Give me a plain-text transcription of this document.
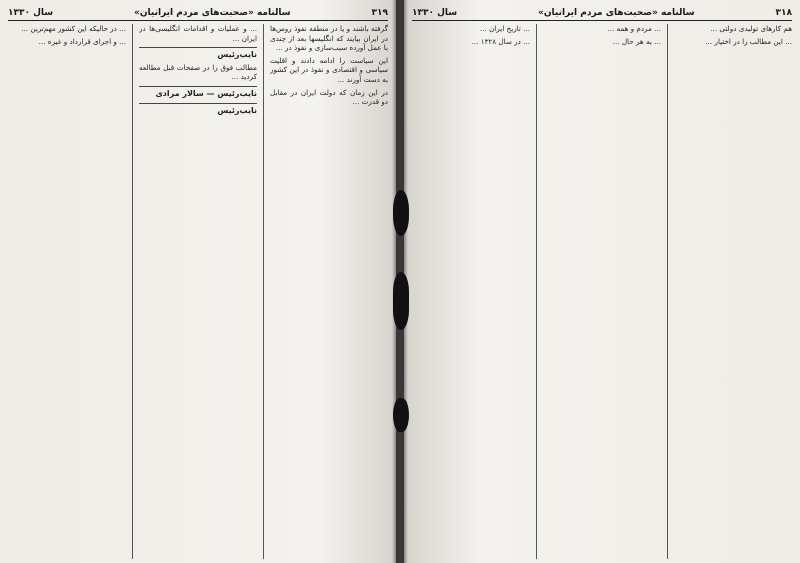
۳۱۹
سالنامه «صحبت‌های مردم ایرانیان»
سال ۱۳۳۰

گرفته باشند و یا در منطقه نفوذ روس‌ها در ایران بیایند که انگلیسها بعد از چندی با عمل آورده سبب‌سازی و نفوذ در ...

این سیاست را ادامه دادند و اقلیت سیاسی و اقتصادی و نفوذ در این کشور به دست آورند ...

در این زمان که دولت ایران در مقابل دو قدرت ...

... و عملیات و اقدامات انگلیسی‌ها در ایران ...

نایب‌رئیس

مطالب فوق را در صفحات قبل مطالعه کردید ...

نایب‌رئیس — سالار مرادی
نایب‌رئیس

... در حالیکه این کشور مهم‌ترین ...

... و اجرای قرارداد و غیره ...

۳۱۸
سالنامه «صحبت‌های مردم ایرانیان»
سال ۱۳۳۰

هم کارهای تولیدی دولتی ...

... این مطالب را در اختیار ...

... مردم و همه ...

... به هر حال ...

... تاریخ ایران ...

... در سال ۱۳۲۸ ...
